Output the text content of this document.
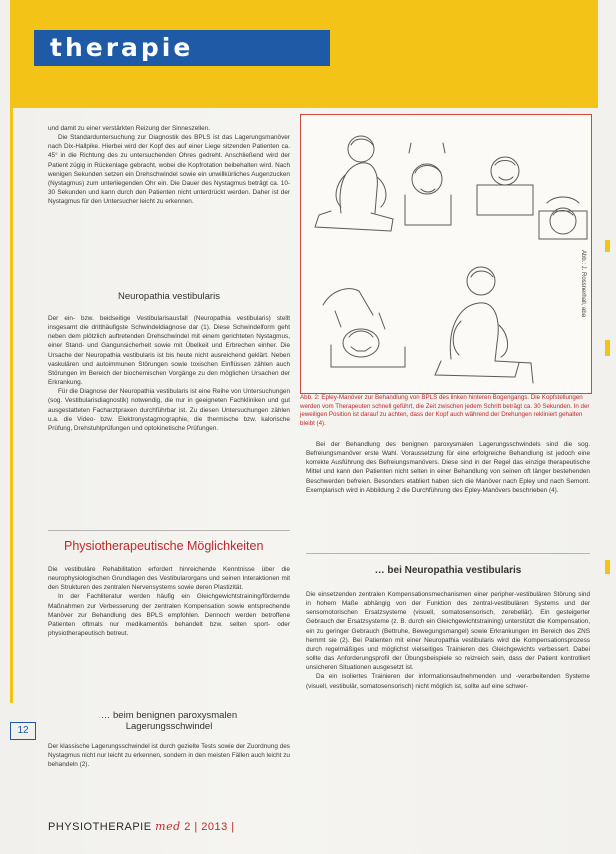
therapie

und damit zu einer verstärkten Reizung der Sinneszellen.

Die Standarduntersuchung zur Diagnostik des BPLS ist das Lagerungsmanöver nach Dix-Hallpike. Hierbei wird der Kopf des auf einer Liege sitzenden Patienten ca. 45° in die Richtung des zu untersuchenden Ohres gedreht. Anschließend wird der Patient zügig in Rückenlage gebracht, wobei die Kopfrotation beibehalten wird. Nach wenigen Sekunden setzen ein Drehschwindel sowie ein unwillkürliches Augenzucken (Nystagmus) zum unterliegenden Ohr ein. Die Dauer des Nystagmus beträgt ca. 10-30 Sekunden und kann durch den Patienten nicht unterdrückt werden. Daher ist der Nystagmus für den Untersucher leicht zu erkennen.

Neuropathia vestibularis

Der ein- bzw. beidseitige Vestibularisausfall (Neuropathia vestibularis) stellt insgesamt die dritthäufigste Schwindeldiagnose dar (1). Diese Schwindelform geht neben dem plötzlich auftretenden Drehschwindel mit einem gerichteten Nystagmus, einer Stand- und Gangunsicherheit sowie mit Übelkeit und Erbrechen einher. Die Ursache der Neuropathia vestibularis ist bis heute nicht ausreichend geklärt. Neben vaskulären und autoimmunen Störungen sowie toxischen Einflüssen zählen auch Störungen im Bereich der biochemischen Vorgänge zu den möglichen Ursachen der Erkrankung.

Für die Diagnose der Neuropathia vestibularis ist eine Reihe von Untersuchungen (sog. Vestibularisdiagnostik) notwendig, die nur in geeigneten Fachkliniken und gut ausgestatteten Facharztpraxen durchführbar ist. Zu diesen Untersuchungen zählen u.a. die Video- bzw. Elektronystagmographie, die thermische bzw. kalorische Prüfung, Drehstuhlprüfungen und optokinetische Prüfungen.

Physiotherapeutische Möglichkeiten

Die vestibuläre Rehabilitation erfordert hinreichende Kenntnisse über die neurophysiologischen Grundlagen des Vestibularorgans und seinen Interaktionen mit den Strukturen des zentralen Nervensystems sowie deren Plastizität.

In der Fachliteratur werden häufig ein Gleichgewichtstraining/fördernde Maßnahmen zur Verbesserung der zentralen Kompensation sowie entsprechende Manöver zur Behandlung des BPLS empfohlen. Dennoch werden betroffene Patienten oftmals nur medikamentös behandelt bzw. selten sport- oder physiotherapeutisch betreut.

… beim benignen paroxysmalen
Lagerungsschwindel

Der klassische Lagerungsschwindel ist durch gezielte Tests sowie der Zuordnung des Nystagmus nicht nur leicht zu erkennen, sondern in den meisten Fällen auch leicht zu behandeln (2).

Abb. 2: Epley-Manöver zur Behandlung von BPLS des linken hinteren Bogengangs. Die Kopfstellungen werden vom Therapeuten schnell geführt, die Zeit zwischen jedem Schritt beträgt ca. 30 Sekunden. In der jeweiligen Position ist darauf zu achten, dass der Kopf auch während der Drehungen rekliniert gehalten bleibt (4).
Abb.: J. Rossnerhall, aba

Bei der Behandlung des benignen paroxysmalen Lagerungsschwindels sind die sog. Befreiungsmanöver erste Wahl. Voraussetzung für eine erfolgreiche Behandlung ist jedoch eine korrekte Ausführung des Befreiungsmanövers. Diese sind in der Regel das einzige therapeutische Mittel und kann den Patienten nicht selten in einer Behandlung von seinen oft länger bestehenden Beschwerden befreien. Besonders etabliert haben sich die Manöver nach Epley und nach Semont. Exemplarisch wird in Abbildung 2 die Durchführung des Epley-Manövers beschrieben (4).

… bei Neuropathia vestibularis

Die einsetzenden zentralen Kompensationsmechanismen einer peripher-vestibulären Störung sind in hohem Maße abhängig von der Funktion des zentral-vestibulären Systems und der sensomotorischen Ersatzsysteme (visuell, somatosensorisch, zerebellär). Ein gesteigerter Gebrauch der Ersatzsysteme (z. B. durch ein Gleichgewichtstraining) unterstützt die Kompensation, ein zu geringer Gebrauch (Bettruhe, Bewegungsmangel) sowie Erkrankungen im Bereich des ZNS hemmt sie (2). Bei Patienten mit einer Neuropathia vestibularis wird die Kompensationsprozess durch regelmäßiges und möglichst vielseitiges Trainieren des Gleichgewichts verbessert. Dabei sollte das Anforderungsprofil der Übungsbeispiele so reizreich sein, dass der Patient kontrolliert unsicheren Situationen ausgesetzt ist.

Da ein isoliertes Trainieren der informationsaufnehmenden und -verarbeitenden Systeme (visuell, vestibulär, somatosensorisch) nicht möglich ist, sollte auf eine schwer-

12
PHYSIOTHERAPIE med 2 | 2013 |
